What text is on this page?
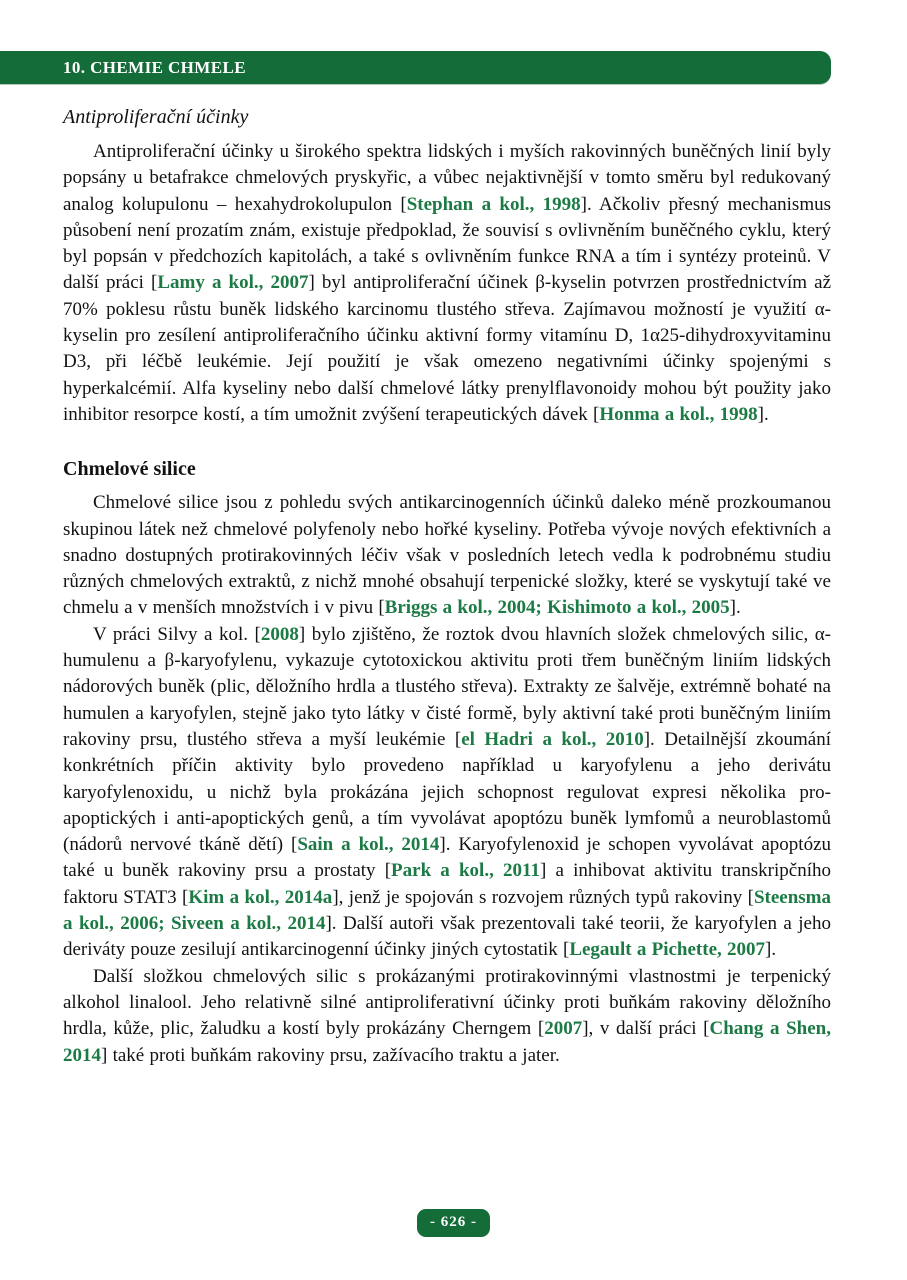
10. CHEMIE CHMELE
Antiproliferační účinky

Antiproliferační účinky u širokého spektra lidských i myších rakovinných buněčných linií byly popsány u betafrakce chmelových pryskyřic, a vůbec nejaktivnější v tomto směru byl redukovaný analog kolupulonu – hexahydrokolupulon [Stephan a kol., 1998]. Ačkoliv přesný mechanismus působení není prozatím znám, existuje předpoklad, že souvisí s ovlivněním buněčného cyklu, který byl popsán v předchozích kapitolách, a také s ovlivněním funkce RNA a tím i syntézy proteinů. V další práci [Lamy a kol., 2007] byl antiproliferační účinek β-kyselin potvrzen prostřednictvím až 70% poklesu růstu buněk lidského karcinomu tlustého střeva. Zajímavou možností je využití α-kyselin pro zesílení antiproliferačního účinku aktivní formy vitamínu D, 1α25-dihydroxyvitaminu D3, při léčbě leukémie. Její použití je však omezeno negativními účinky spojenými s hyperkalcémií. Alfa kyseliny nebo další chmelové látky prenylflavonoidy mohou být použity jako inhibitor resorpce kostí, a tím umožnit zvýšení terapeutických dávek [Honma a kol., 1998].

Chmelové silice

Chmelové silice jsou z pohledu svých antikarcinogenních účinků daleko méně prozkoumanou skupinou látek než chmelové polyfenoly nebo hořké kyseliny. Potřeba vývoje nových efektivních a snadno dostupných protirakovinných léčiv však v posledních letech vedla k podrobnému studiu různých chmelových extraktů, z nichž mnohé obsahují terpenické složky, které se vyskytují také ve chmelu a v menších množstvích i v pivu [Briggs a kol., 2004; Kishimoto a kol., 2005].

V práci Silvy a kol. [2008] bylo zjištěno, že roztok dvou hlavních složek chmelových silic, α-humulenu a β-karyofylenu, vykazuje cytotoxickou aktivitu proti třem buněčným liniím lidských nádorových buněk (plic, děložního hrdla a tlustého střeva). Extrakty ze šalvěje, extrémně bohaté na humulen a karyofylen, stejně jako tyto látky v čisté formě, byly aktivní také proti buněčným liniím rakoviny prsu, tlustého střeva a myší leukémie [el Hadri a kol., 2010]. Detailnější zkoumání konkrétních příčin aktivity bylo provedeno například u karyofylenu a jeho derivátu karyofylenoxidu, u nichž byla prokázána jejich schopnost regulovat expresi několika pro-apoptických i anti-apoptických genů, a tím vyvolávat apoptózu buněk lymfomů a neuroblastomů (nádorů nervové tkáně dětí) [Sain a kol., 2014]. Karyofylenoxid je schopen vyvolávat apoptózu také u buněk rakoviny prsu a prostaty [Park a kol., 2011] a inhibovat aktivitu transkripčního faktoru STAT3 [Kim a kol., 2014a], jenž je spojován s rozvojem různých typů rakoviny [Steensma a kol., 2006; Siveen a kol., 2014]. Další autoři však prezentovali také teorii, že karyofylen a jeho deriváty pouze zesilují antikarcinogenní účinky jiných cytostatik [Legault a Pichette, 2007].

Další složkou chmelových silic s prokázanými protirakovinnými vlastnostmi je terpenický alkohol linalool. Jeho relativně silné antiproliferativní účinky proti buňkám rakoviny děložního hrdla, kůže, plic, žaludku a kostí byly prokázány Cherngem [2007], v další práci [Chang a Shen, 2014] také proti buňkám rakoviny prsu, zažívacího traktu a jater.

- 626 -
